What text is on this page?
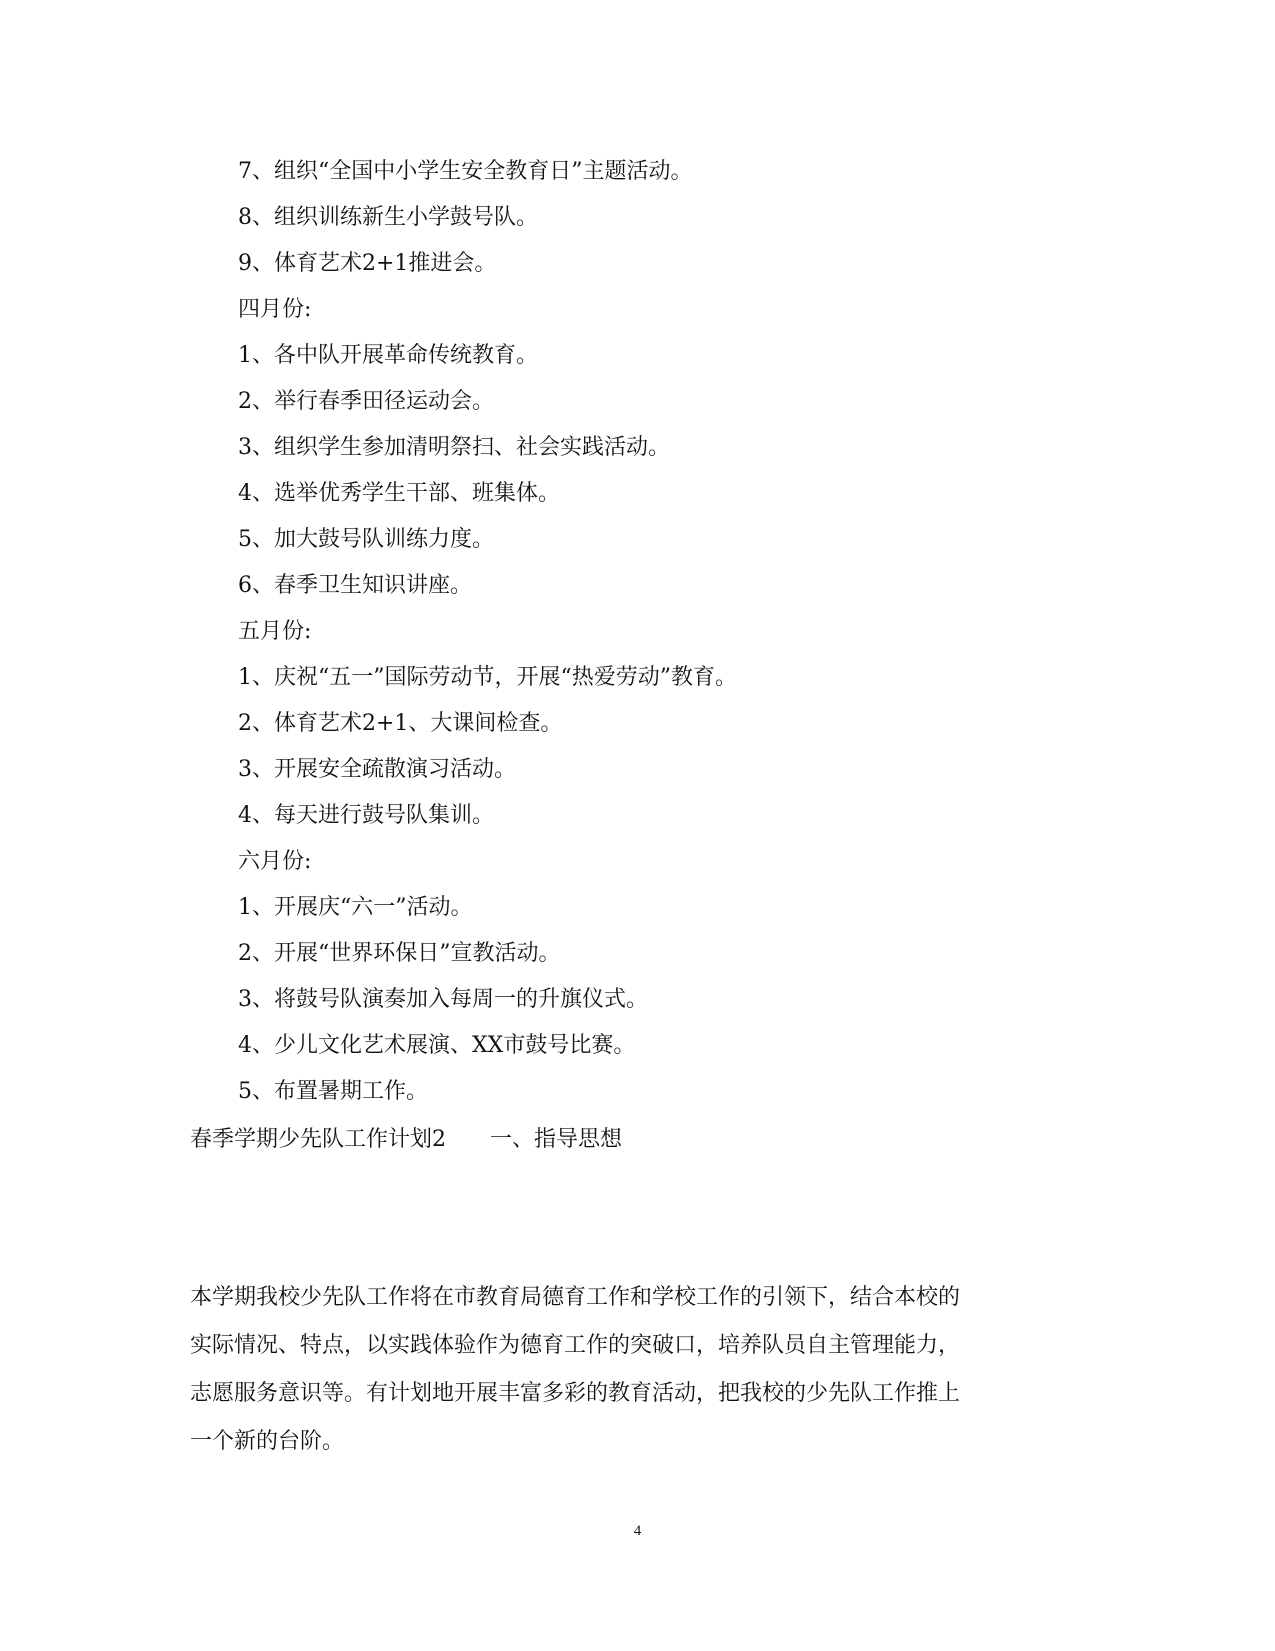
7、组织“全国中小学生安全教育日”主题活动。
8、组织训练新生小学鼓号队。
9、体育艺术2+1推进会。
四月份:
1、各中队开展革命传统教育。
2、举行春季田径运动会。
3、组织学生参加清明祭扫、社会实践活动。
4、选举优秀学生干部、班集体。
5、加大鼓号队训练力度。
6、春季卫生知识讲座。
五月份:
1、庆祝“五一”国际劳动节，开展“热爱劳动”教育。
2、体育艺术2+1、大课间检查。
3、开展安全疏散演习活动。
4、每天进行鼓号队集训。
六月份:
1、开展庆“六一”活动。
2、开展“世界环保日”宣教活动。
3、将鼓号队演奏加入每周一的升旗仪式。
4、少儿文化艺术展演、XX市鼓号比赛。
5、布置暑期工作。
春季学期少先队工作计划2　　一、指导思想
本学期我校少先队工作将在市教育局德育工作和学校工作的引领下，结合本校的
实际情况、特点，以实践体验作为德育工作的突破口，培养队员自主管理能力，
志愿服务意识等。有计划地开展丰富多彩的教育活动，把我校的少先队工作推上
一个新的台阶。
4
